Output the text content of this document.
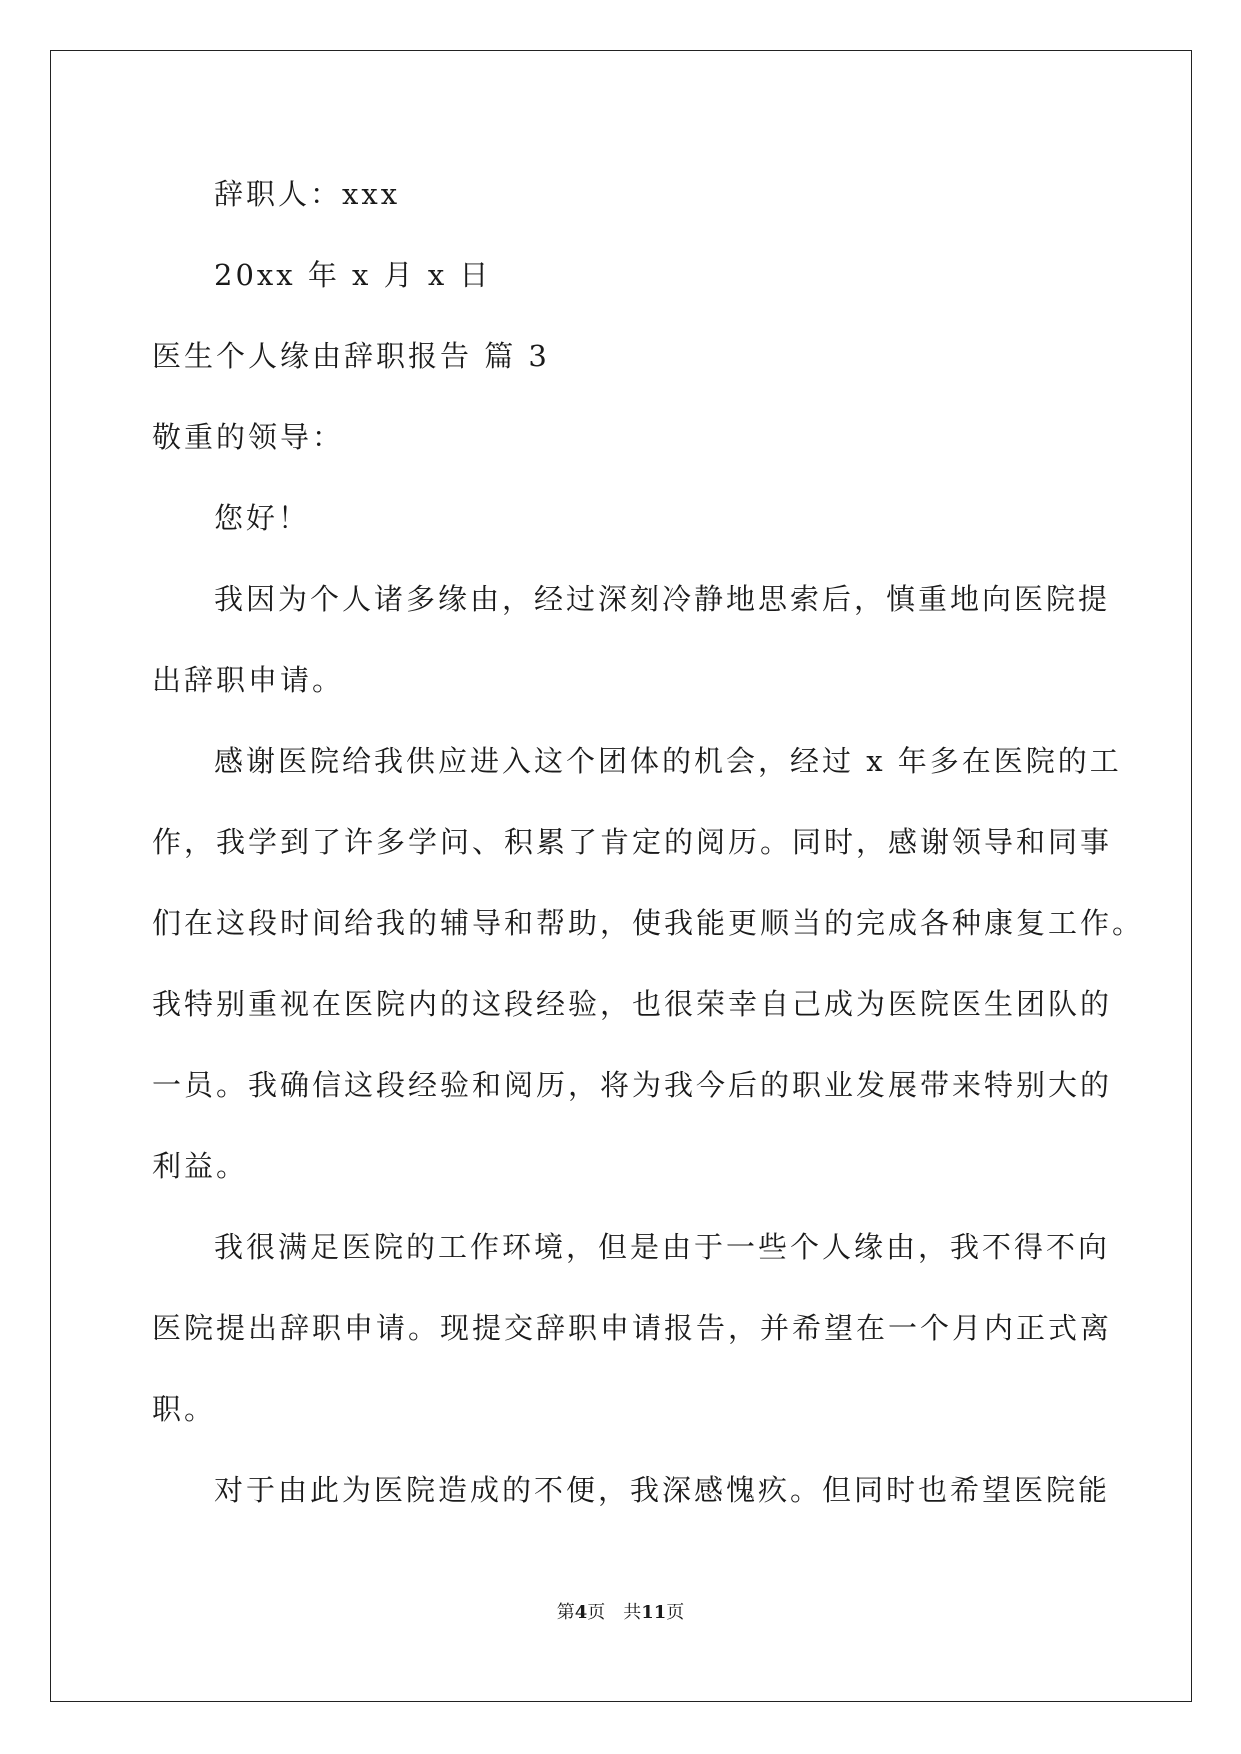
辞职人：xxx
20xx 年 x 月 x 日
医生个人缘由辞职报告 篇 3
敬重的领导：
您好！
我因为个人诸多缘由，经过深刻冷静地思索后，慎重地向医院提
出辞职申请。
感谢医院给我供应进入这个团体的机会，经过 x 年多在医院的工
作，我学到了许多学问、积累了肯定的阅历。同时，感谢领导和同事
们在这段时间给我的辅导和帮助，使我能更顺当的完成各种康复工作。
我特别重视在医院内的这段经验，也很荣幸自己成为医院医生团队的
一员。我确信这段经验和阅历，将为我今后的职业发展带来特别大的
利益。
我很满足医院的工作环境，但是由于一些个人缘由，我不得不向
医院提出辞职申请。现提交辞职申请报告，并希望在一个月内正式离
职。
对于由此为医院造成的不便，我深感愧疚。但同时也希望医院能
第4页 共11页
